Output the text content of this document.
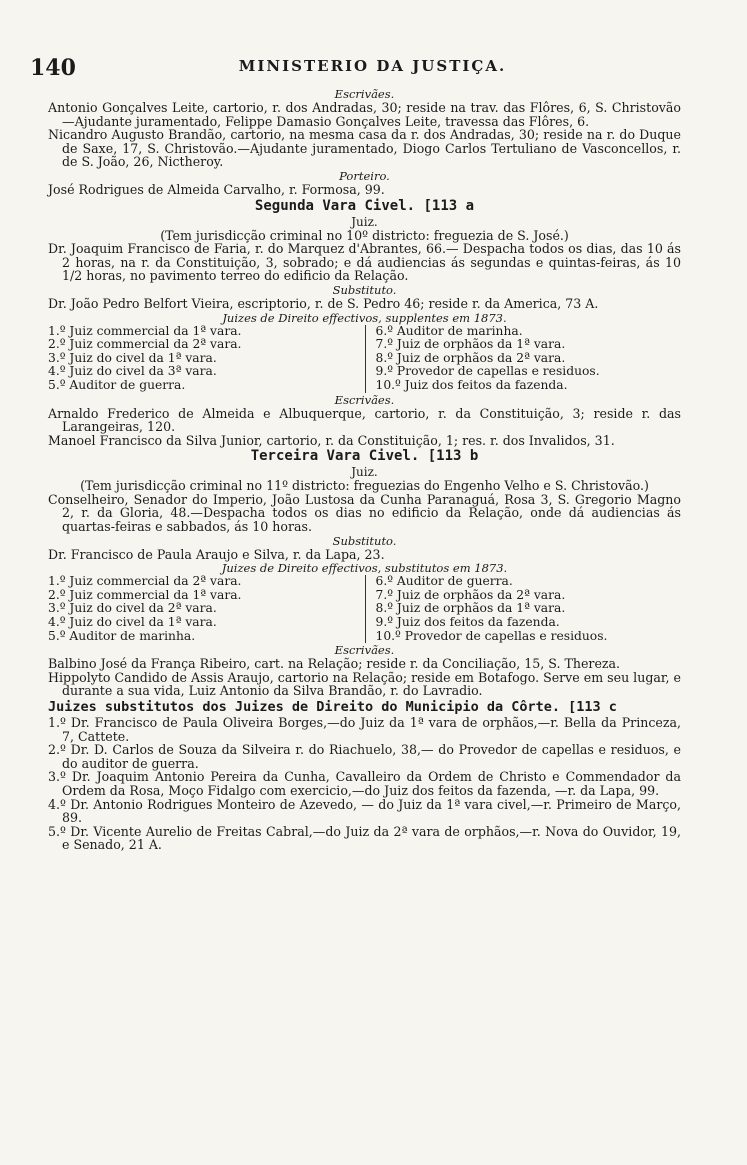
140	MINISTERIO DA JUSTIÇA.

Escrivães.

Antonio Gonçalves Leite, cartorio, r. dos Andradas, 30; reside na trav. das Flôres, 6, S. Christovão —Ajudante juramentado, Felippe Damasio Gonçalves Leite, travessa das Flôres, 6.

Nicandro Augusto Brandão, cartorio, na mesma casa da r. dos Andradas, 30; reside na r. do Duque de Saxe, 17, S. Christovão.—Ajudante juramentado, Diogo Carlos Tertuliano de Vasconcellos, r. de S. João, 26, Nictheroy.

Porteiro.

José Rodrigues de Almeida Carvalho, r. Formosa, 99.

Segunda Vara Civel. [113 a

Juiz.

(Tem jurisdicção criminal no 10º districto: freguezia de S. José.)

Dr. Joaquim Francisco de Faria, r. do Marquez d'Abrantes, 66.— Despacha todos os dias, das 10 ás 2 horas, na r. da Constituição, 3, sobrado; e dá audiencias ás segundas e quintas-feiras, ás 10 1/2 horas, no pavimento terreo do edificio da Relação.

Substituto.

Dr. João Pedro Belfort Vieira, escriptorio, r. de S. Pedro 46; reside r. da America, 73 A.

Juizes de Direito effectivos, supplentes em 1873.

1.º Juiz commercial da 1ª vara.
2.º Juiz commercial da 2ª vara.
3.º Juiz do civel da 1ª vara.
4.º Juiz do civel da 3ª vara.
5.º Auditor de guerra.
6.º Auditor de marinha.
7.º Juiz de orphãos da 1ª vara.
8.º Juiz de orphãos da 2ª vara.
9.º Provedor de capellas e residuos.
10.º Juiz dos feitos da fazenda.

Escrivães.

Arnaldo Frederico de Almeida e Albuquerque, cartorio, r. da Constituição, 3; reside r. das Larangeiras, 120.

Manoel Francisco da Silva Junior, cartorio, r. da Constituição, 1; res. r. dos Invalidos, 31.

Terceira Vara Civel. [113 b

Juiz.

(Tem jurisdicção criminal no 11º districto: freguezias do Engenho Velho e S. Christovão.)

Conselheiro, Senador do Imperio, João Lustosa da Cunha Paranaguá, Rosa 3, S. Gregorio Magno 2, r. da Gloria, 48.—Despacha todos os dias no edificio da Relação, onde dá audiencias ás quartas-feiras e sabbados, ás 10 horas.

Substituto.

Dr. Francisco de Paula Araujo e Silva, r. da Lapa, 23.

Juizes de Direito effectivos, substitutos em 1873.

1.º Juiz commercial da 2ª vara.
2.º Juiz commercial da 1ª vara.
3.º Juiz do civel da 2ª vara.
4.º Juiz do civel da 1ª vara.
5.º Auditor de marinha.
6.º Auditor de guerra.
7.º Juiz de orphãos da 2ª vara.
8.º Juiz de orphãos da 1ª vara.
9.º Juiz dos feitos da fazenda.
10.º Provedor de capellas e residuos.

Escrivães.

Balbino José da França Ribeiro, cart. na Relação; reside r. da Conciliação, 15, S. Thereza.

Hippolyto Candido de Assis Araujo, cartorio na Relação; reside em Botafogo. Serve em seu lugar, e durante a sua vida, Luiz Antonio da Silva Brandão, r. do Lavradio.

Juizes substitutos dos Juizes de Direito do Municipio da Côrte. [113 c

1.º Dr. Francisco de Paula Oliveira Borges,—do Juiz da 1ª vara de orphãos,—r. Bella da Princeza, 7, Cattete.

2.º Dr. D. Carlos de Souza da Silveira r. do Riachuelo, 38,— do Provedor de capellas e residuos, e do auditor de guerra.

3.º Dr. Joaquim Antonio Pereira da Cunha, Cavalleiro da Ordem de Christo e Commendador da Ordem da Rosa, Moço Fidalgo com exercicio,—do Juiz dos feitos da fazenda, —r. da Lapa, 99.

4.º Dr. Antonio Rodrigues Monteiro de Azevedo, — do Juiz da 1ª vara civel,—r. Primeiro de Março, 89.

5.º Dr. Vicente Aurelio de Freitas Cabral,—do Juiz da 2ª vara de orphãos,—r. Nova do Ouvidor, 19, e Senado, 21 A.
